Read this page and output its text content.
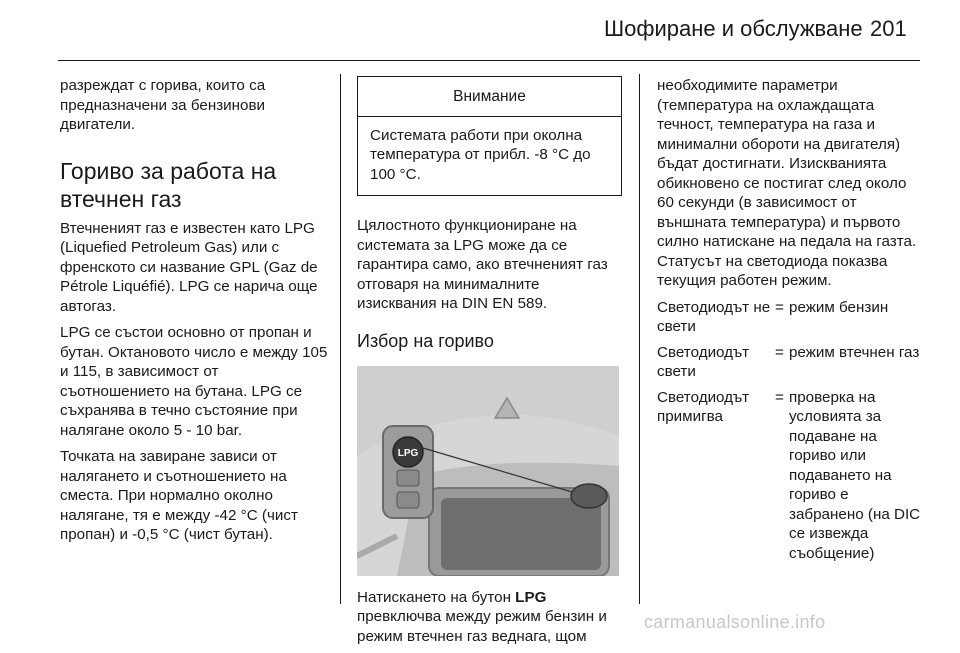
Шофиране и обслужване 201

разреждат с горива, които са предназначени за бензинови двигатели.

Гориво за работа на втечнен газ

Втечненият газ е известен като LPG (Liquefied Petroleum Gas) или с френското си название GPL (Gaz de Pétrole Liquéfié). LPG се нарича още автогаз.

LPG се състои основно от пропан и бутан. Октановото число е между 105 и 115, в зависимост от съотношението на бутана. LPG се съхранява в течно състояние при налягане около 5 - 10 bar.

Точката на завиране зависи от налягането и съотношението на сместа. При нормално околно налягане, тя е между -42 °C (чист пропан) и -0,5 °C (чист бутан).

Внимание
Системата работи при околна температура от прибл. -8 °C до 100 °C.

Цялостното функциониране на системата за LPG може да се гарантира само, ако втечненият газ отговаря на минималните изисквания на DIN EN 589.

Избор на гориво
LPG

Натискането на бутон LPG превключва между режим бензин и режим втечнен газ веднага, щом

необходимите параметри (температура на охлаждащата течност, температура на газа и минимални обороти на двигателя) бъдат достигнати. Изискванията обикновено се постигат след около 60 секунди (в зависимост от външната температура) и първото силно натискане на педала на газта. Статусът на светодиода показва текущия работен режим.

Светодиодът не свети
= режим бензин
Светодиодът свети
= режим втечнен газ
Светодиодът примигва
= проверка на условията за подаване на гориво или подаването на гориво е забранено (на DIC се извежда съобщение)
carmanualsonline.info
